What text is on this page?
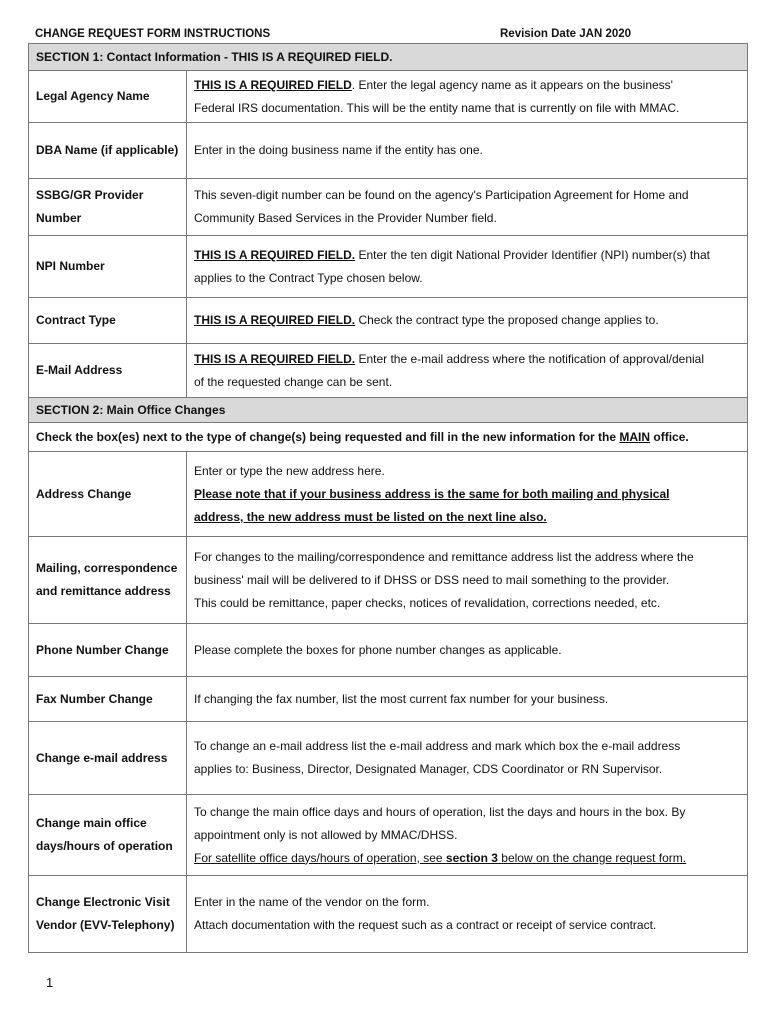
CHANGE REQUEST FORM INSTRUCTIONS	Revision Date JAN 2020
SECTION 1: Contact Information - THIS IS A REQUIRED FIELD.	
Legal Agency Name	THIS IS A REQUIRED FIELD. Enter the legal agency name as it appears on the business'
Federal IRS documentation. This will be the entity name that is currently on file with MMAC.
DBA Name (if applicable)	Enter in the doing business name if the entity has one.
SSBG/GR Provider Number	This seven-digit number can be found on the agency's Participation Agreement for Home and
Community Based Services in the Provider Number field.
NPI Number	THIS IS A REQUIRED FIELD. Enter the ten digit National Provider Identifier (NPI) number(s) that
applies to the Contract Type chosen below.
Contract Type	THIS IS A REQUIRED FIELD. Check the contract type the proposed change applies to.
E-Mail Address	THIS IS A REQUIRED FIELD. Enter the e-mail address where the notification of approval/denial
of the requested change can be sent.
SECTION 2: Main Office Changes	
Check the box(es) next to the type of change(s) being requested and fill in the new information for the MAIN office.	
Address Change	Enter or type the new address here.
Please note that if your business address is the same for both mailing and physical
address, the new address must be listed on the next line also.
Mailing, correspondence and remittance address	For changes to the mailing/correspondence and remittance address list the address where the
business' mail will be delivered to if DHSS or DSS need to mail something to the provider.
This could be remittance, paper checks, notices of revalidation, corrections needed, etc.
Phone Number Change	Please complete the boxes for phone number changes as applicable.
Fax Number Change	If changing the fax number, list the most current fax number for your business.
Change e-mail address	To change an e-mail address list the e-mail address and mark which box the e-mail address
applies to: Business, Director, Designated Manager, CDS Coordinator or RN Supervisor.
Change main office days/hours of operation	To change the main office days and hours of operation, list the days and hours in the box. By
appointment only is not allowed by MMAC/DHSS.
For satellite office days/hours of operation, see section 3 below on the change request form.
Change Electronic Visit Vendor (EVV-Telephony)	Enter in the name of the vendor on the form.
Attach documentation with the request such as a contract or receipt of service contract.
1
